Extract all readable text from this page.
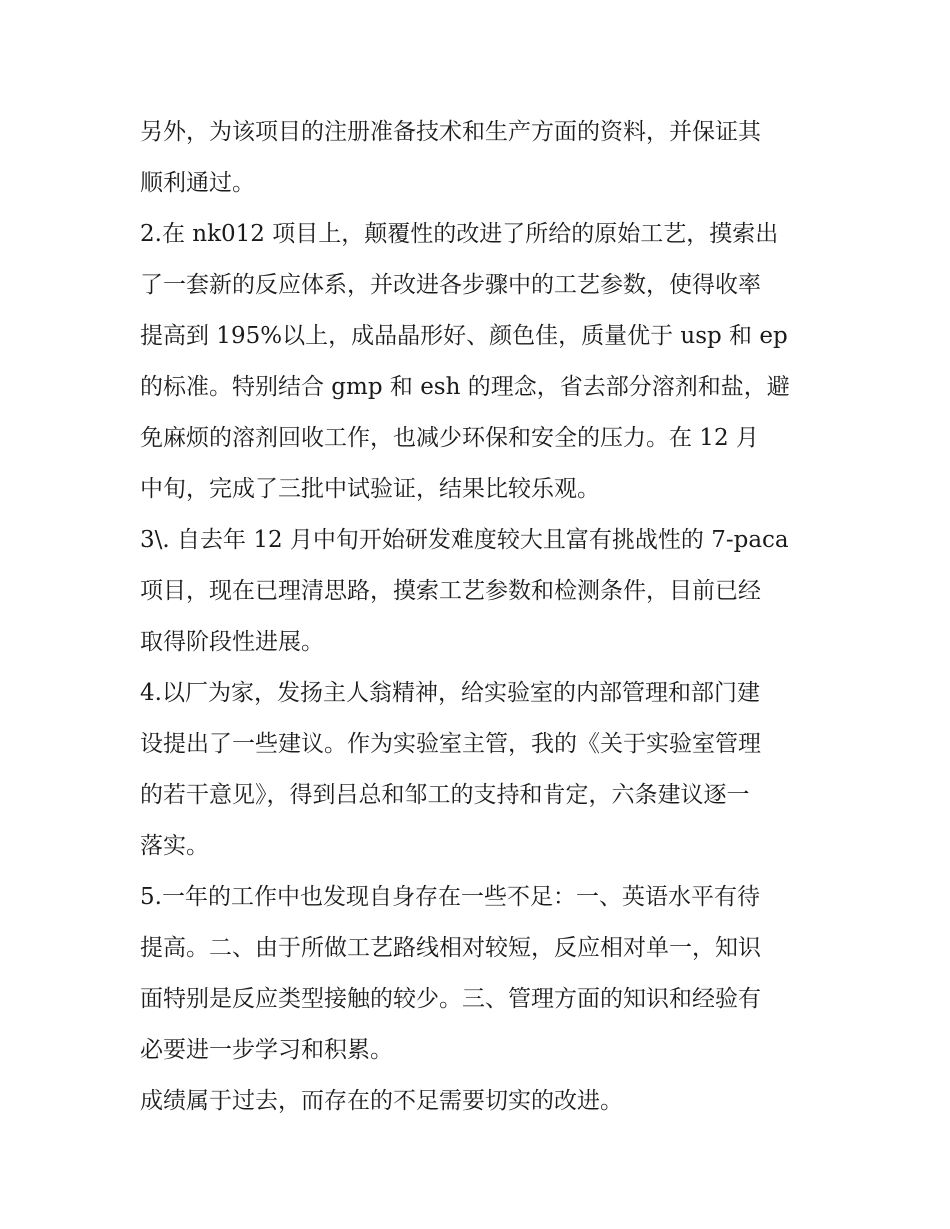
另外，为该项目的注册准备技术和生产方面的资料，并保证其
顺利通过。
2.在 nk012 项目上，颠覆性的改进了所给的原始工艺，摸索出
了一套新的反应体系，并改进各步骤中的工艺参数，使得收率
提高到 195%以上，成品晶形好、颜色佳，质量优于 usp 和 ep
的标准。特别结合 gmp 和 esh 的理念，省去部分溶剂和盐，避
免麻烦的溶剂回收工作，也减少环保和安全的压力。在 12 月
中旬，完成了三批中试验证，结果比较乐观。
3\. 自去年 12 月中旬开始研发难度较大且富有挑战性的 7-paca
项目，现在已理清思路，摸索工艺参数和检测条件，目前已经
取得阶段性进展。
4.以厂为家，发扬主人翁精神，给实验室的内部管理和部门建
设提出了一些建议。作为实验室主管，我的《关于实验室管理
的若干意见》，得到吕总和邹工的支持和肯定，六条建议逐一
落实。
5.一年的工作中也发现自身存在一些不足：一、英语水平有待
提高。二、由于所做工艺路线相对较短，反应相对单一，知识
面特别是反应类型接触的较少。三、管理方面的知识和经验有
必要进一步学习和积累。
成绩属于过去，而存在的不足需要切实的改进。
